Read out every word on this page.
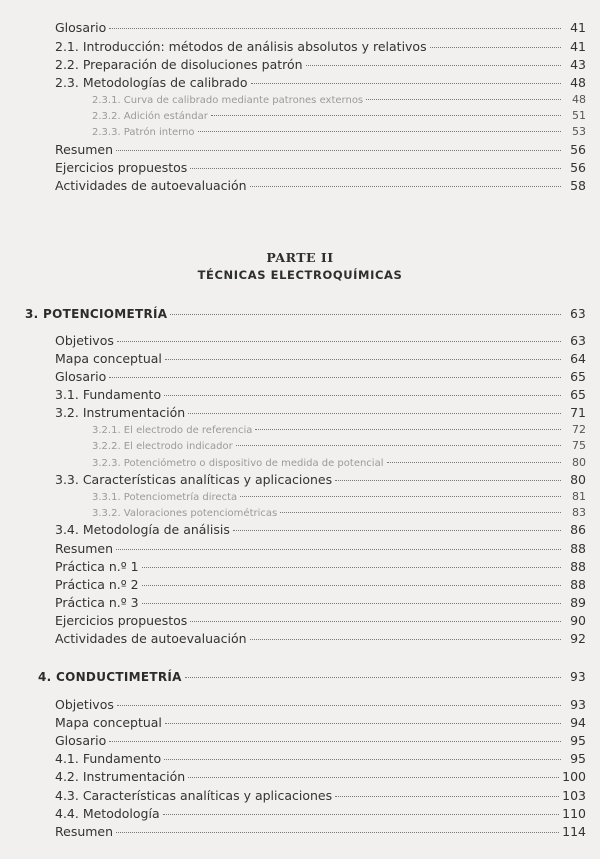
Glosario	41
2.1. Introducción: métodos de análisis absolutos y relativos	41
2.2. Preparación de disoluciones patrón	43
2.3. Metodologías de calibrado	48
2.3.1. Curva de calibrado mediante patrones externos	48
2.3.2. Adición estándar	51
2.3.3. Patrón interno	53
Resumen	56
Ejercicios propuestos	56
Actividades de autoevaluación	58
PARTE II
TÉCNICAS ELECTROQUÍMICAS
3. POTENCIOMETRÍA	63
Objetivos	63
Mapa conceptual	64
Glosario	65
3.1. Fundamento	65
3.2. Instrumentación	71
3.2.1. El electrodo de referencia	72
3.2.2. El electrodo indicador	75
3.2.3. Potenciómetro o dispositivo de medida de potencial	80
3.3. Características analíticas y aplicaciones	80
3.3.1. Potenciometría directa	81
3.3.2. Valoraciones potenciométricas	83
3.4. Metodología de análisis	86
Resumen	88
Práctica n.º 1	88
Práctica n.º 2	88
Práctica n.º 3	89
Ejercicios propuestos	90
Actividades de autoevaluación	92
4. CONDUCTIMETRÍA	93
Objetivos	93
Mapa conceptual	94
Glosario	95
4.1. Fundamento	95
4.2. Instrumentación	100
4.3. Características analíticas y aplicaciones	103
4.4. Metodología	110
Resumen	114
